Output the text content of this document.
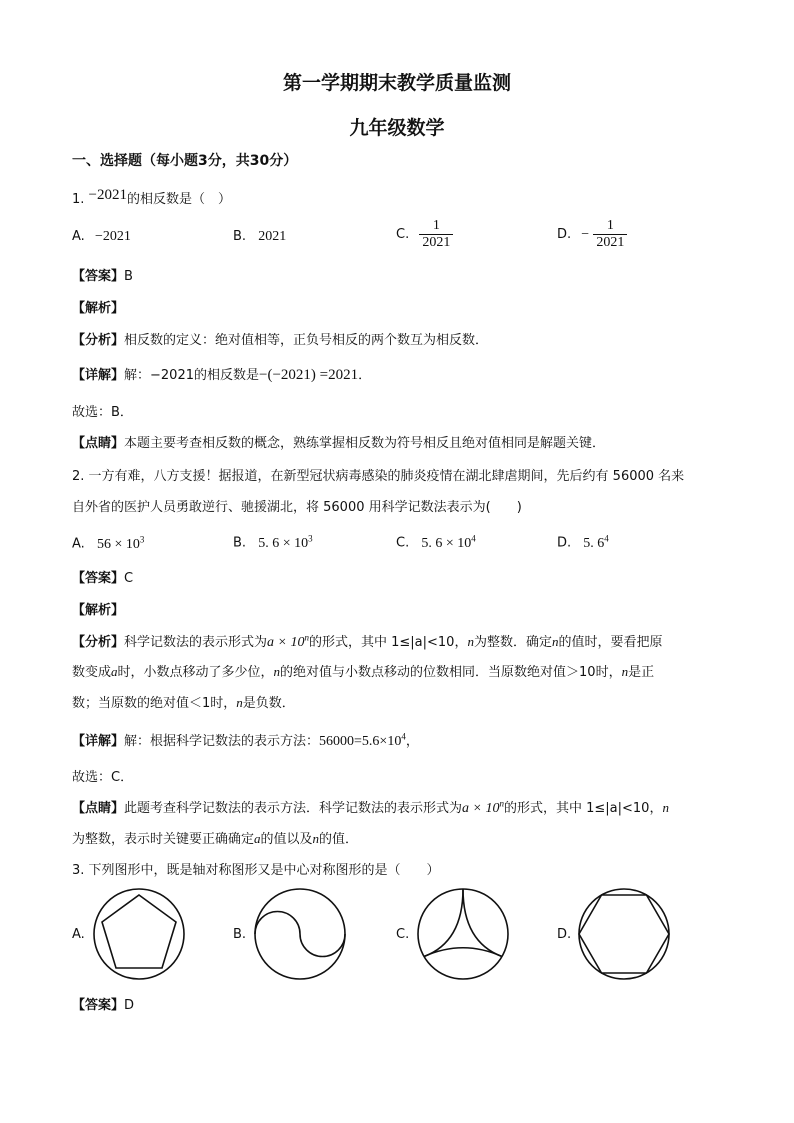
第一学期期末教学质量监测
九年级数学
一、选择题（每小题3分，共30分）
1. −2021的相反数是（　）
A. −2021	B. 2021	C. $\frac{1}{2021}$	D. − $\frac{1}{2021}$
【答案】B
【解析】
【分析】相反数的定义：绝对值相等，正负号相反的两个数互为相反数．
【详解】解：−2021的相反数是−(−2021) =2021．
故选：B．
【点睛】本题主要考查相反数的概念，熟练掌握相反数为符号相反且绝对值相同是解题关键．
2. 一方有难，八方支援！据报道，在新型冠状病毒感染的肺炎疫情在湖北肆虐期间，先后约有 56000 名来
自外省的医护人员勇敢逆行、驰援湖北，将 56000 用科学记数法表示为(　　)
A. $56 \times 10^3$	B. 5. $6 \times 10^3$	C. 5. $6 \times 10^4$	D. 5. $6^4$
【答案】C
【解析】
【分析】科学记数法的表示形式为$a \times 10^n$的形式，其中 1≤|a|<10，n为整数．确定n的值时，要看把原
数变成a时，小数点移动了多少位，n的绝对值与小数点移动的位数相同．当原数绝对值＞10时，n是正
数；当原数的绝对值＜1时，n是负数．
【详解】解：根据科学记数法的表示方法：$56000=5.6\times 10^4$，
故选：C．
【点睛】此题考查科学记数法的表示方法．科学记数法的表示形式为$a \times 10^n$的形式，其中 1≤|a|<10，n
为整数，表示时关键要正确确定a的值以及n的值．
3. 下列图形中，既是轴对称图形又是中心对称图形的是（　　）
A.	B.	C.	D.
【答案】D
